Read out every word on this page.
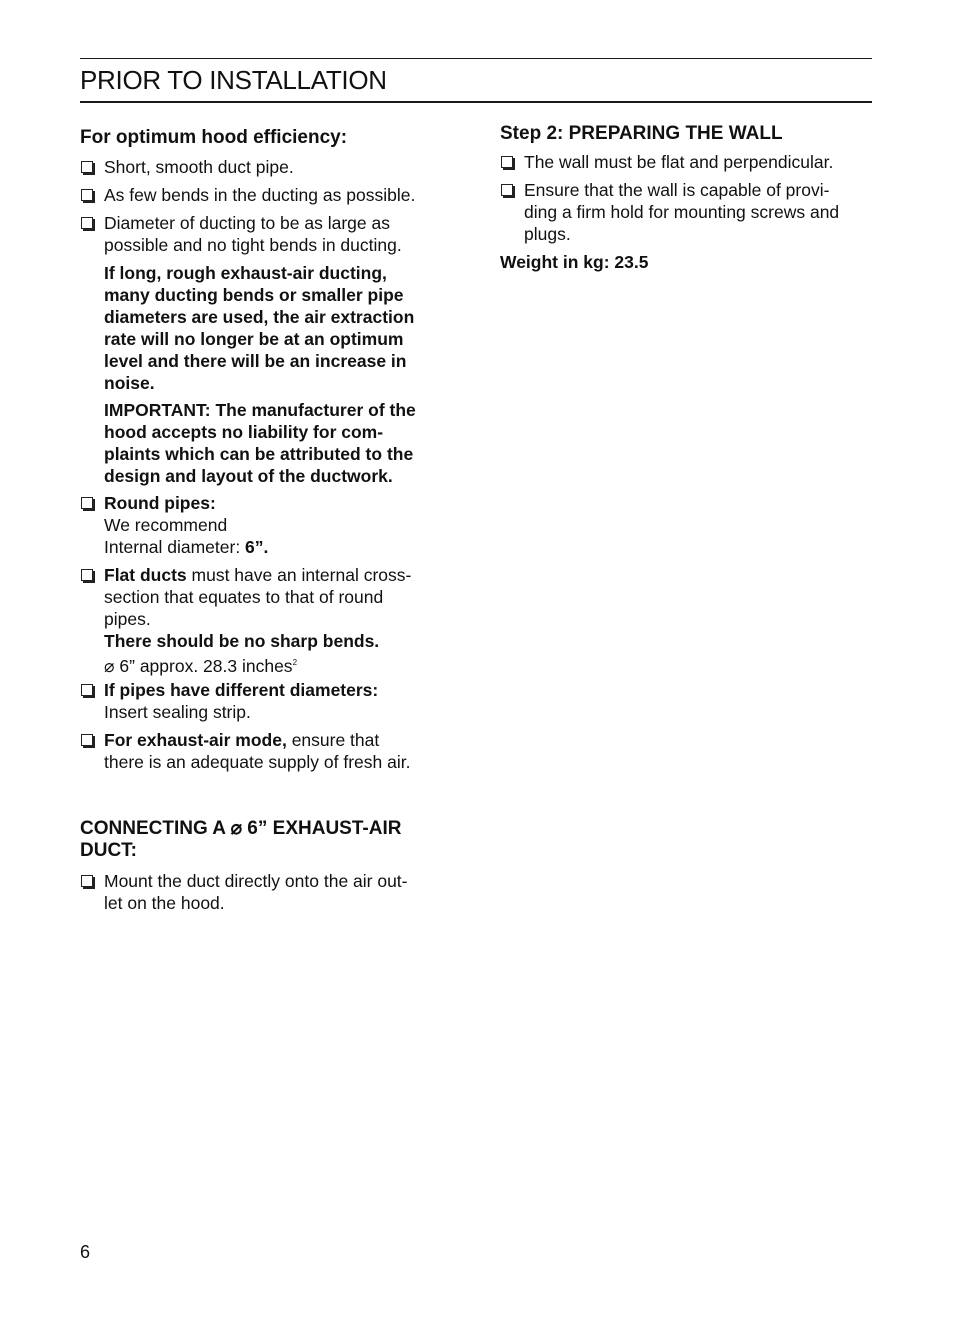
PRIOR TO INSTALLATION
For optimum hood efficiency:
Short, smooth duct pipe.
As few bends in the ducting as possible.
Diameter of ducting to be as large as
possible and no tight bends in ducting.
If long, rough exhaust-air ducting,
many ducting bends or smaller pipe
diameters are used, the air extraction
rate will no longer be at an optimum
level and there will be an increase in
noise.
IMPORTANT: The manufacturer of the
hood accepts no liability for com-
plaints which can be attributed to the
design and layout of the ductwork.
Round pipes:
We recommend
Internal diameter: 6”.
Flat ducts must have an internal cross-
section that equates to that of round
pipes.
There should be no sharp bends.
⌀ 6” approx. 28.3 inches$^2$
If pipes have different diameters:
Insert sealing strip.
For exhaust-air mode, ensure that
there is an adequate supply of fresh air.
CONNECTING A ⌀ 6” EXHAUST-AIR
DUCT:
Mount the duct directly onto the air out-
let on the hood.
Step 2: PREPARING THE WALL
The wall must be flat and perpendicular.
Ensure that the wall is capable of provi-
ding a firm hold for mounting screws and
plugs.
Weight in kg: 23.5
6
